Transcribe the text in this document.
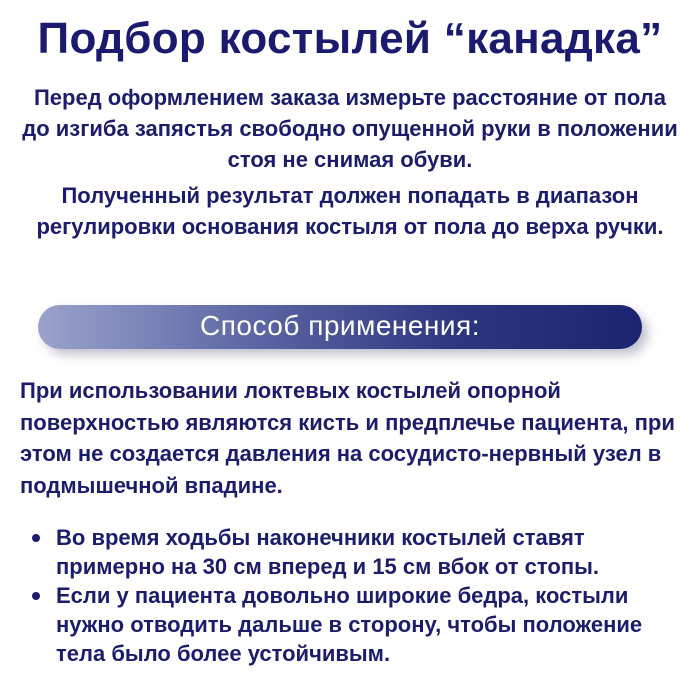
Подбор костылей “канадка”
Перед оформлением заказа измерьте расстояние от пола до изгиба запястья свободно опущенной руки в положении стоя не снимая обуви.
Полученный результат должен попадать в диапазон регулировки основания костыля от пола до верха ручки.
Способ применения:
При использовании локтевых костылей опорной поверхностью являются кисть и предплечье пациента, при этом не создается давления на сосудисто-нервный узел в подмышечной впадине.
Во время ходьбы наконечники костылей ставят примерно на 30 см вперед и 15 см вбок от стопы.
Если у пациента довольно широкие бедра, костыли нужно отводить дальше в сторону, чтобы положение тела было более устойчивым.
